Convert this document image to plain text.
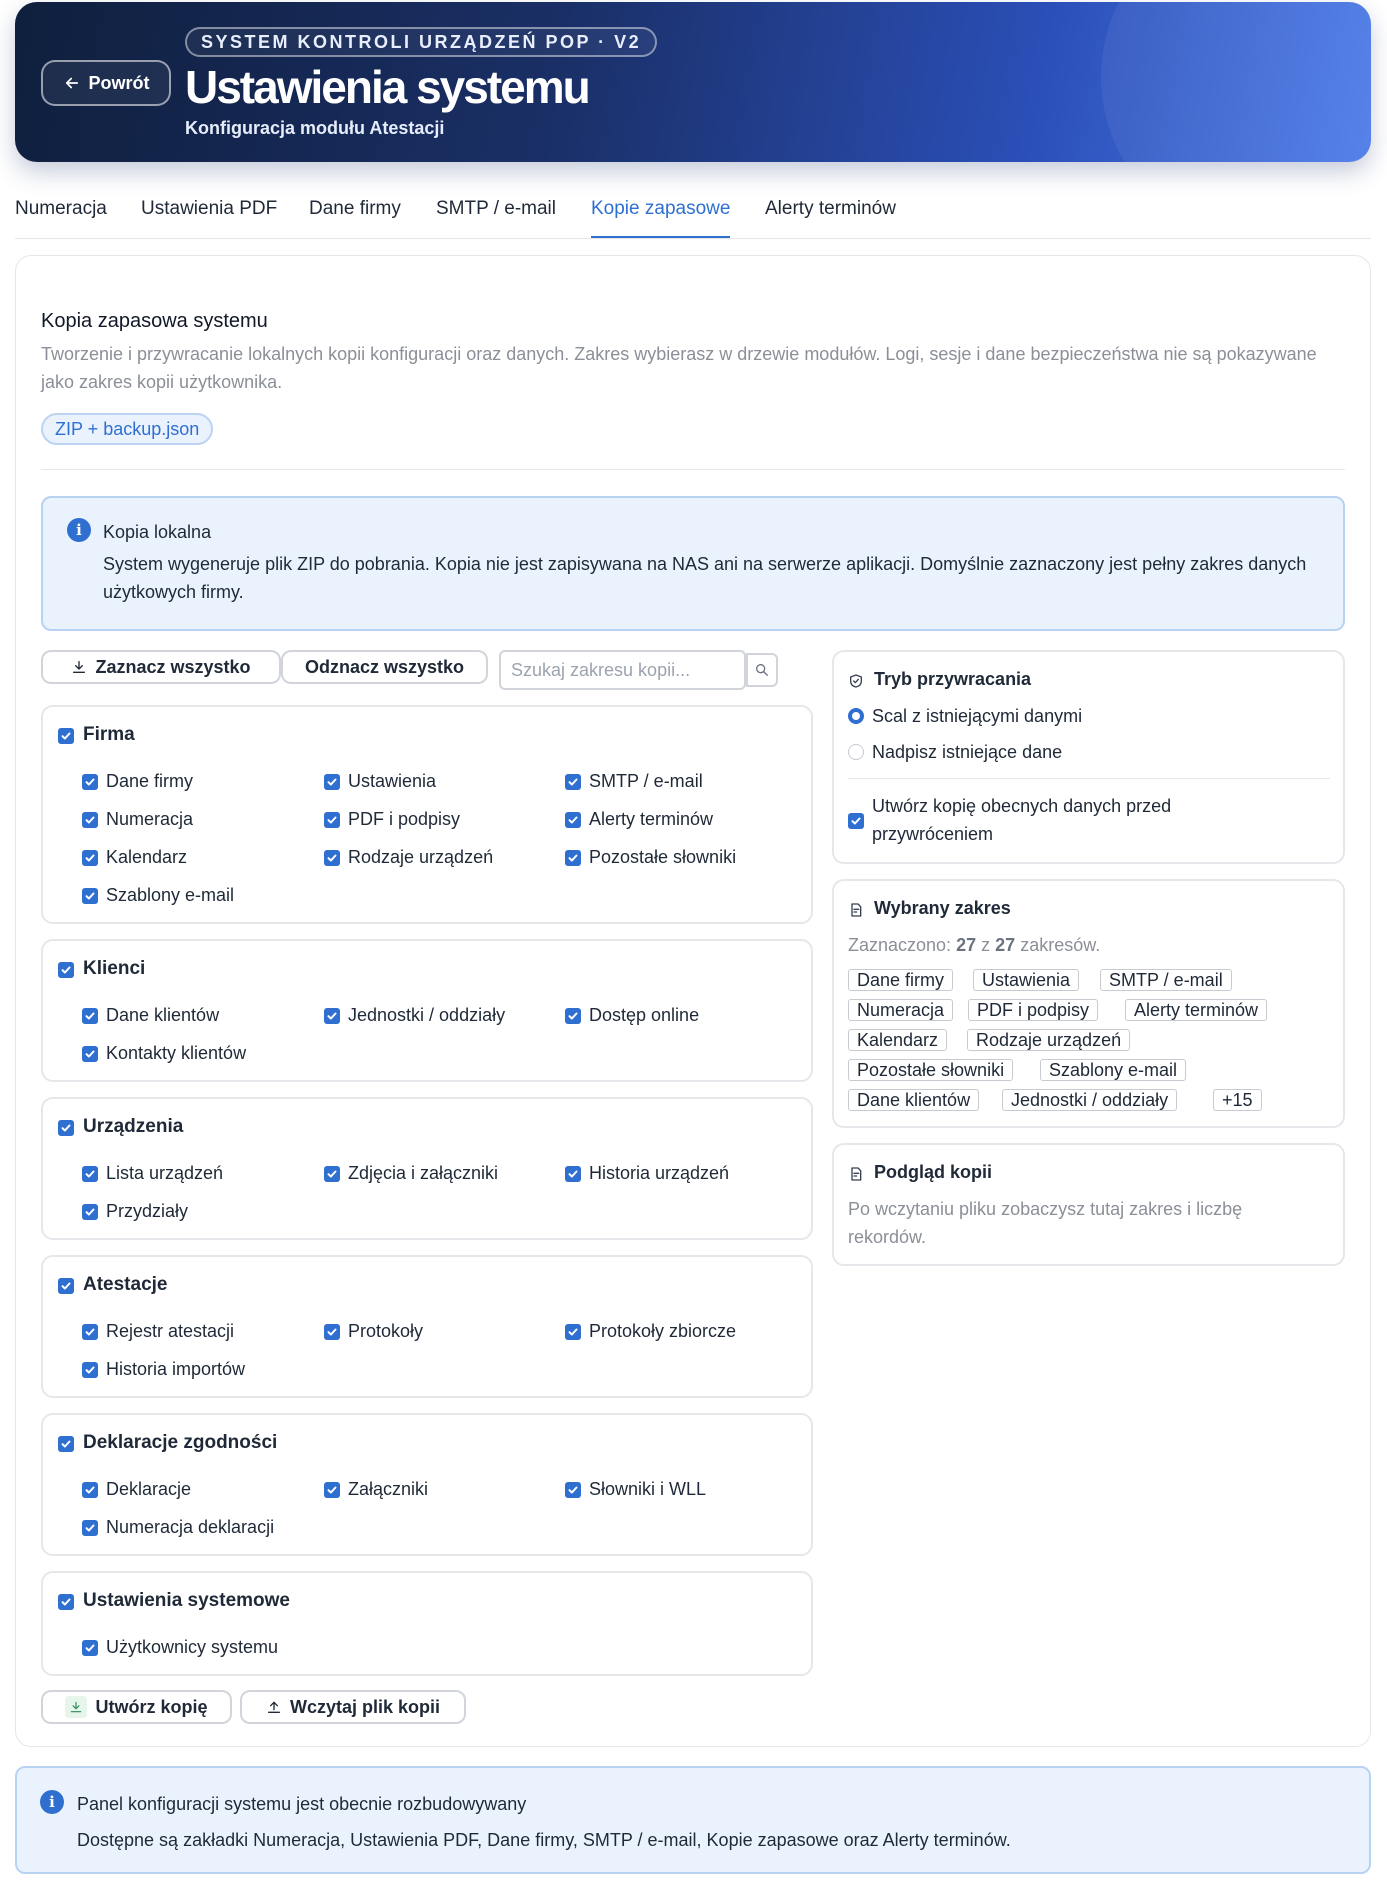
Powrót
SYSTEM KONTROLI URZĄDZEŃ POP · V2
Ustawienia systemu
Konfiguracja modułu Atestacji
Numeracja Ustawienia PDF Dane firmy SMTP / e-mail Kopie zapasowe Alerty terminów
Kopia zapasowa systemu
Tworzenie i przywracanie lokalnych kopii konfiguracji oraz danych. Zakres wybierasz w drzewie modułów. Logi, sesje i dane bezpieczeństwa nie są pokazywane jako zakres kopii użytkownika.
ZIP + backup.json
i	Kopia lokalna
System wygeneruje plik ZIP do pobrania. Kopia nie jest zapisywana na NAS ani na serwerze aplikacji. Domyślnie zaznaczony jest pełny zakres danych użytkowych firmy.
Zaznacz wszystko	Odznacz wszystko
Szukaj zakresu kopii...
Firma
Dane firmy	Ustawienia	SMTP / e-mail
Numeracja	PDF i podpisy	Alerty terminów
Kalendarz	Rodzaje urządzeń	Pozostałe słowniki
Szablony e-mail
Klienci
Dane klientów	Jednostki / oddziały	Dostęp online
Kontakty klientów
Urządzenia
Lista urządzeń	Zdjęcia i załączniki	Historia urządzeń
Przydziały
Atestacje
Rejestr atestacji	Protokoły	Protokoły zbiorcze
Historia importów
Deklaracje zgodności
Deklaracje	Załączniki	Słowniki i WLL
Numeracja deklaracji
Ustawienia systemowe
Użytkownicy systemu
Utwórz kopię	Wczytaj plik kopii
Tryb przywracania
Scal z istniejącymi danymi
Nadpisz istniejące dane
Utwórz kopię obecnych danych przed przywróceniem
Wybrany zakres
Zaznaczono: 27 z 27 zakresów.
Dane firmy	Ustawienia	SMTP / e-mail
Numeracja	PDF i podpisy	Alerty terminów
Kalendarz	Rodzaje urządzeń
Pozostałe słowniki	Szablony e-mail
Dane klientów	Jednostki / oddziały	+15
Podgląd kopii
Po wczytaniu pliku zobaczysz tutaj zakres i liczbę rekordów.
i	Panel konfiguracji systemu jest obecnie rozbudowywany
Dostępne są zakładki Numeracja, Ustawienia PDF, Dane firmy, SMTP / e-mail, Kopie zapasowe oraz Alerty terminów.
